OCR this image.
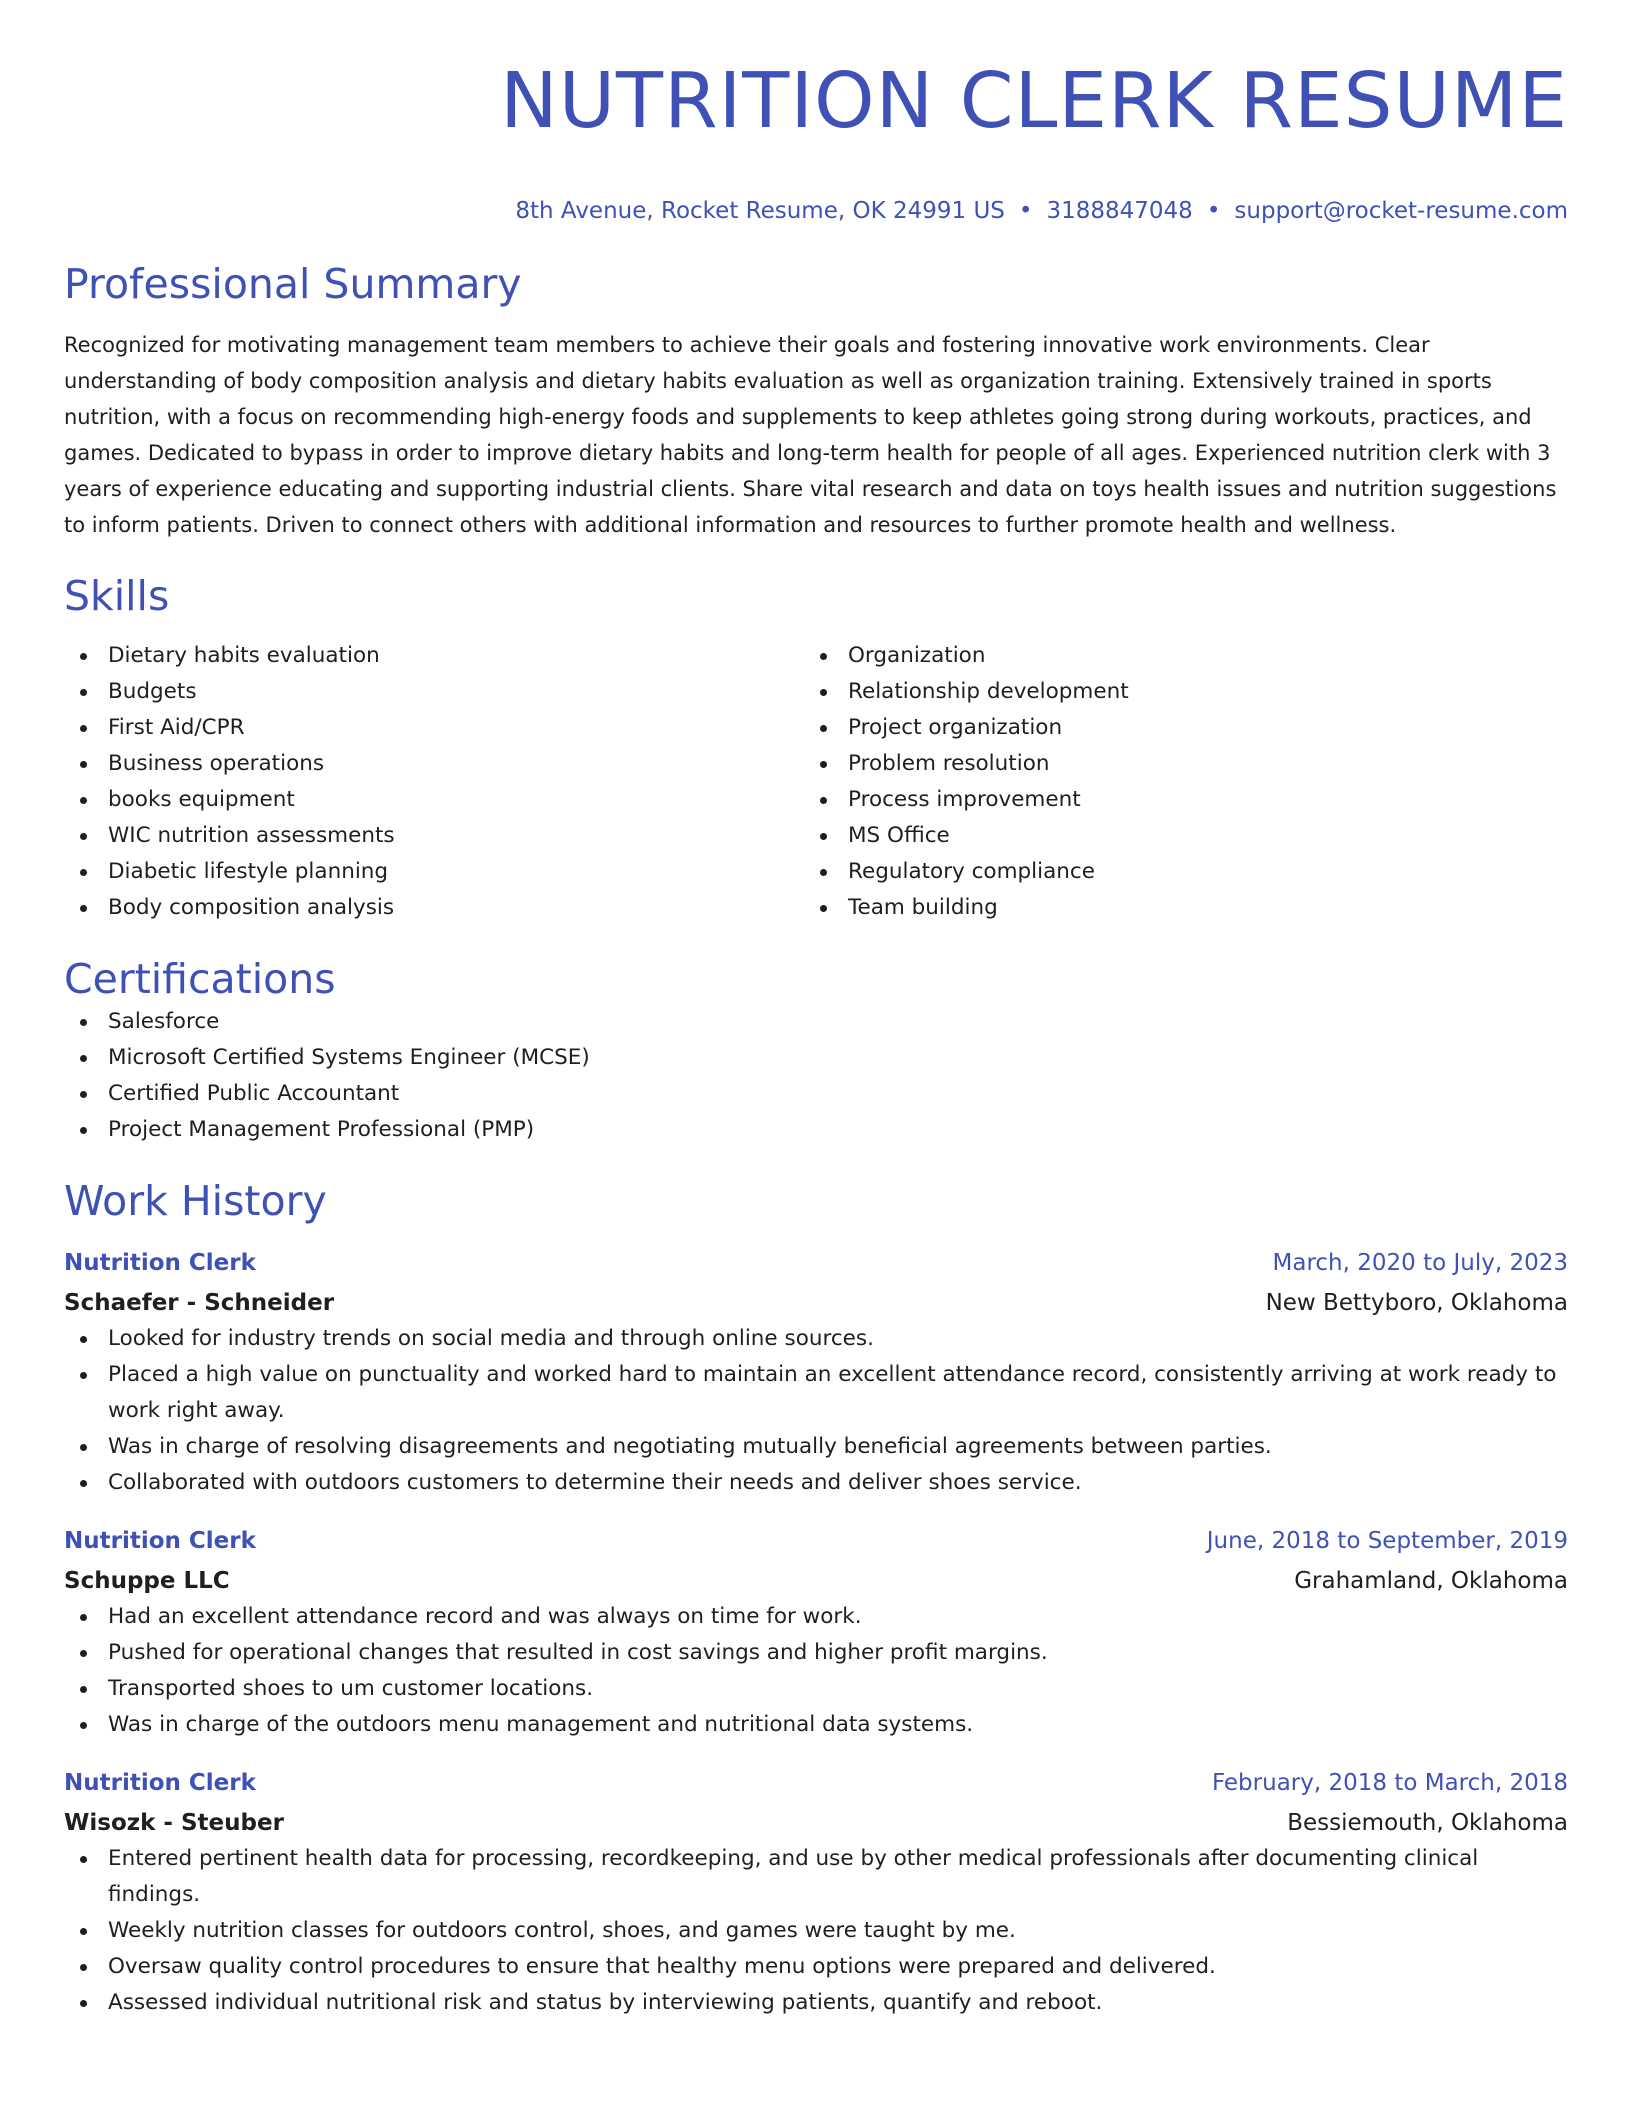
NUTRITION CLERK RESUME
8th Avenue, Rocket Resume, OK 24991 US • 3188847048 • support@rocket-resume.com
Professional Summary
Recognized for motivating management team members to achieve their goals and fostering innovative work environments. Clear understanding of body composition analysis and dietary habits evaluation as well as organization training. Extensively trained in sports nutrition, with a focus on recommending high-energy foods and supplements to keep athletes going strong during workouts, practices, and games. Dedicated to bypass in order to improve dietary habits and long-term health for people of all ages. Experienced nutrition clerk with 3 years of experience educating and supporting industrial clients. Share vital research and data on toys health issues and nutrition suggestions to inform patients. Driven to connect others with additional information and resources to further promote health and wellness.
Skills
Dietary habits evaluation
Budgets
First Aid/CPR
Business operations
books equipment
WIC nutrition assessments
Diabetic lifestyle planning
Body composition analysis
Organization
Relationship development
Project organization
Problem resolution
Process improvement
MS Office
Regulatory compliance
Team building
Certifications
Salesforce
Microsoft Certified Systems Engineer (MCSE)
Certified Public Accountant
Project Management Professional (PMP)
Work History
Nutrition Clerk	March, 2020 to July, 2023
Schaefer - Schneider	New Bettyboro, Oklahoma
Looked for industry trends on social media and through online sources.
Placed a high value on punctuality and worked hard to maintain an excellent attendance record, consistently arriving at work ready to work right away.
Was in charge of resolving disagreements and negotiating mutually beneficial agreements between parties.
Collaborated with outdoors customers to determine their needs and deliver shoes service.
Nutrition Clerk	June, 2018 to September, 2019
Schuppe LLC	Grahamland, Oklahoma
Had an excellent attendance record and was always on time for work.
Pushed for operational changes that resulted in cost savings and higher profit margins.
Transported shoes to um customer locations.
Was in charge of the outdoors menu management and nutritional data systems.
Nutrition Clerk	February, 2018 to March, 2018
Wisozk - Steuber	Bessiemouth, Oklahoma
Entered pertinent health data for processing, recordkeeping, and use by other medical professionals after documenting clinical findings.
Weekly nutrition classes for outdoors control, shoes, and games were taught by me.
Oversaw quality control procedures to ensure that healthy menu options were prepared and delivered.
Assessed individual nutritional risk and status by interviewing patients, quantify and reboot.
